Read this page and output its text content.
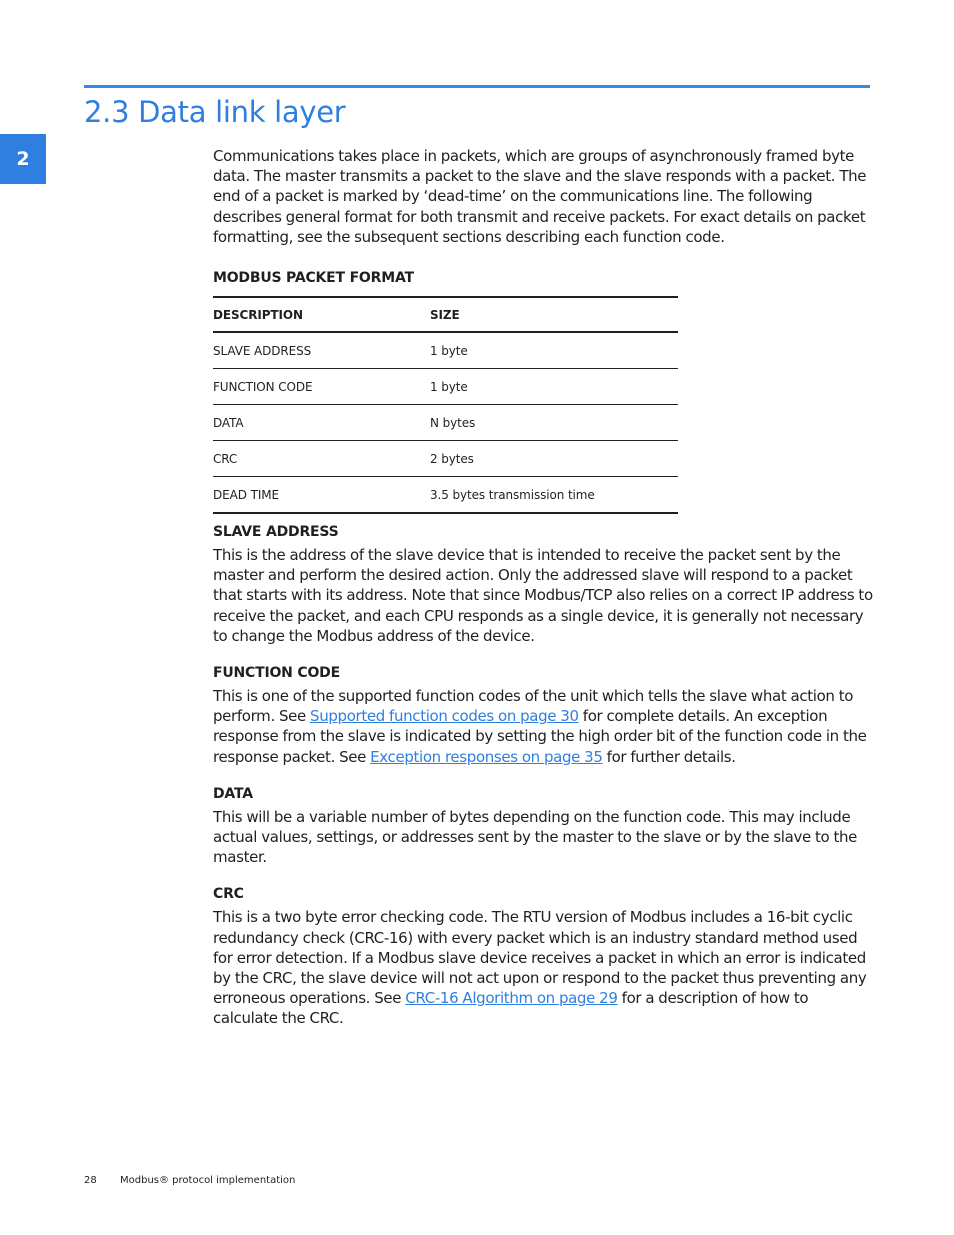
2.3 Data link layer
2	Communications takes place in packets, which are groups of asynchronously framed byte data. The master transmits a packet to the slave and the slave responds with a packet. The end of a packet is marked by ‘dead-time’ on the communications line. The following describes general format for both transmit and receive packets. For exact details on packet formatting, see the subsequent sections describing each function code.

MODBUS PACKET FORMAT

DESCRIPTION	SIZE
SLAVE ADDRESS	1 byte
FUNCTION CODE	1 byte
DATA	N bytes
CRC	2 bytes
DEAD TIME	3.5 bytes transmission time

SLAVE ADDRESS

This is the address of the slave device that is intended to receive the packet sent by the master and perform the desired action. Only the addressed slave will respond to a packet that starts with its address. Note that since Modbus/TCP also relies on a correct IP address to receive the packet, and each CPU responds as a single device, it is generally not necessary to change the Modbus address of the device.

FUNCTION CODE

This is one of the supported function codes of the unit which tells the slave what action to perform. See Supported function codes on page 30 for complete details. An exception response from the slave is indicated by setting the high order bit of the function code in the response packet. See Exception responses on page 35 for further details.

DATA

This will be a variable number of bytes depending on the function code. This may include actual values, settings, or addresses sent by the master to the slave or by the slave to the master.

CRC

This is a two byte error checking code. The RTU version of Modbus includes a 16-bit cyclic redundancy check (CRC-16) with every packet which is an industry standard method used for error detection. If a Modbus slave device receives a packet in which an error is indicated by the CRC, the slave device will not act upon or respond to the packet thus preventing any erroneous operations. See CRC-16 Algorithm on page 29 for a description of how to calculate the CRC.

28 Modbus® protocol implementation
